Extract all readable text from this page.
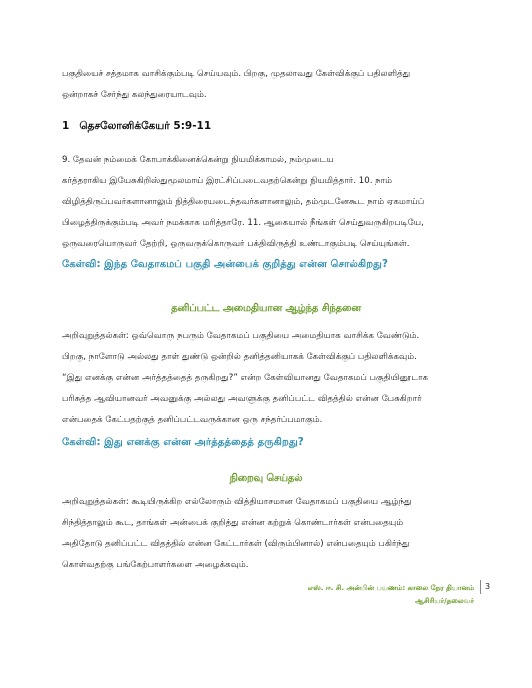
பகுதியைச் சத்தமாக வாசிக்கும்படி செய்யவும். பிறகு, முதலாவது கேள்விக்குப் பதிலளித்து
ஒன்றாகச் சேர்ந்து கலந்துரையாடவும்.

1 தெசலோனிக்கேயர் 5:9-11

9. தேவன் நம்மைக் கோபாக்கினைக்கென்று நியமிக்காமல், நம்முடைய
கர்த்தராகிய இயேசுகிறிஸ்துமூலமாய் இரட்சிப்படைவதற்கென்று நியமித்தார். 10. நாம்
விழித்திருப்பவர்களானாலும் நித்திரையடைந்தவர்களானாலும், தம்முடனேகூட நாம் ஏகமாய்ப்
பிழைத்திருக்கும்படி அவர் நமக்காக மரித்தாரே. 11. ஆகையால் நீங்கள் செய்துவருகிறபடியே,
ஒருவரையொருவர் தேற்றி, ஒருவருக்கொருவர் பக்திவிருத்தி உண்டாகும்படி செய்யுங்கள்.

கேள்வி: இந்த வேதாகமப் பகுதி அன்பைக் குறித்து என்ன சொல்கிறது?

தனிப்பட்ட அமைதியான ஆழ்ந்த சிந்தனை

அறிவுறுத்தல்கள்: ஒவ்வொரு நபரும் வேதாகமப் பகுதியை அமைதியாக வாசிக்க வேண்டும்.
பிறகு, நாளோடு அல்லது தாள் துண்டு ஒன்றில் தனித்தனியாகக் கேள்விக்குப் பதிலளிக்கவும்.
“இது எனக்கு என்ன அர்த்தத்தைத் தருகிறது?” என்ற கேள்வியானது வேதாகமப் பகுதியினூடாக
பரிசுத்த ஆவியானவர் அவனுக்கு அல்லது அவளுக்கு தனிப்பட்ட விதத்தில் என்ன பேசுகிறார்
என்பதைக் கேட்பதற்குத் தனிப்பட்டவருக்கான ஒரு சந்தர்ப்பமாகும்.

கேள்வி: இது எனக்கு என்ன அர்த்தத்தைத் தருகிறது?

நிறைவு செய்தல்

அறிவுறுத்தல்கள்: கூடியிருக்கிற எல்லோரும் வித்தியாசமான வேதாகமப் பகுதியை ஆழ்ந்து
சிந்தித்தாலும் கூட, தாங்கள் அன்பைக் குறித்து என்ன கற்றுக் கொண்டார்கள் என்பதையும்
அதிதோடு தனிப்பட்ட விதத்தில் என்ன கேட்டார்கள் (விரும்பினால்) என்பதையும் பகிர்ந்து
கொள்வதற்கு பங்கேற்பாளர்களை அழைக்கவும்.

எஸ். ஈ. சி. அன்பின் பயணம்: காலை நேர தியானம்
ஆசிரியர்/தலைவர்
3
